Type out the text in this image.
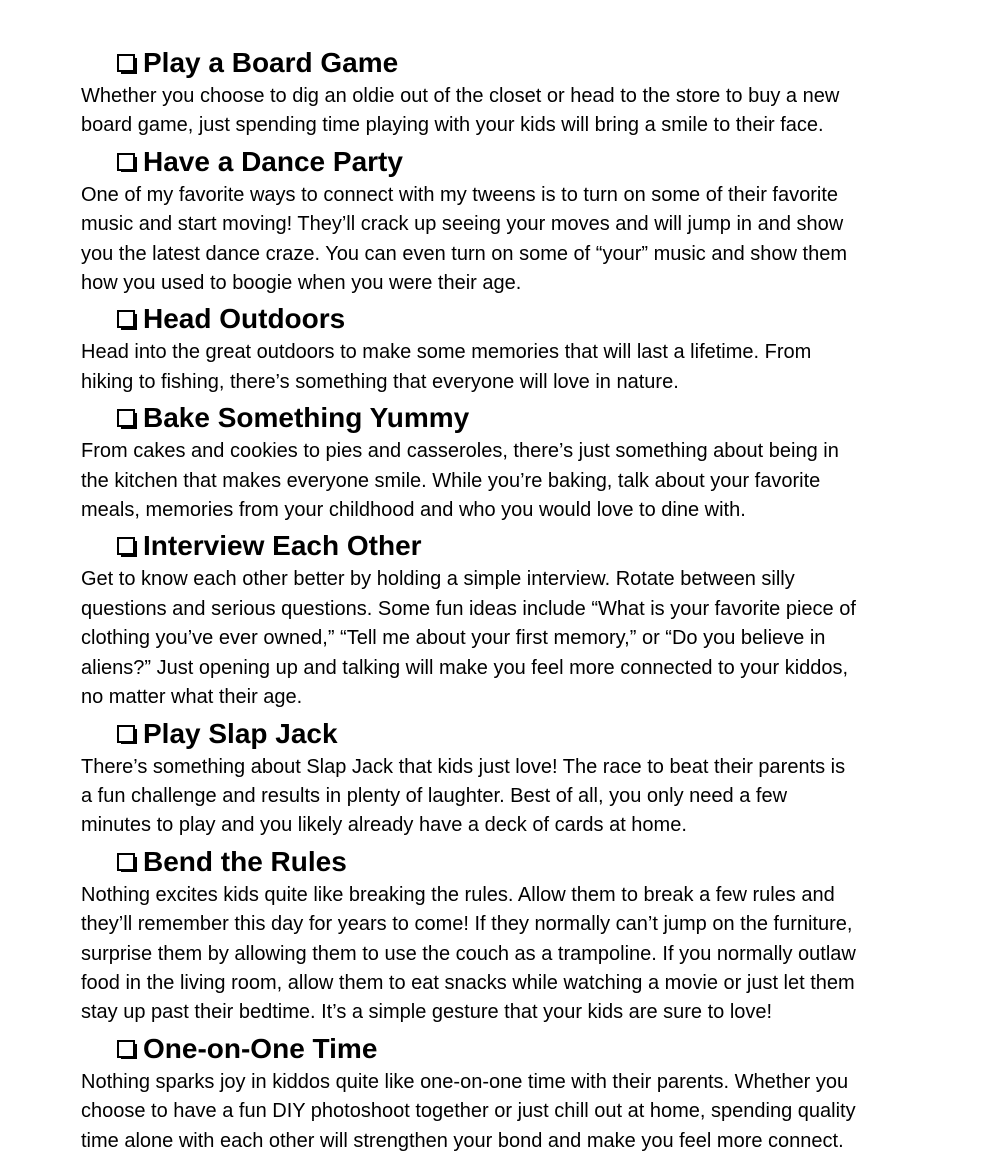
Play a Board Game
Whether you choose to dig an oldie out of the closet or head to the store to buy a new
board game, just spending time playing with your kids will bring a smile to their face.
Have a Dance Party
One of my favorite ways to connect with my tweens is to turn on some of their favorite
music and start moving! They’ll crack up seeing your moves and will jump in and show
you the latest dance craze. You can even turn on some of “your” music and show them
how you used to boogie when you were their age.
Head Outdoors
Head into the great outdoors to make some memories that will last a lifetime. From
hiking to fishing, there’s something that everyone will love in nature.
Bake Something Yummy
From cakes and cookies to pies and casseroles, there’s just something about being in
the kitchen that makes everyone smile. While you’re baking, talk about your favorite
meals, memories from your childhood and who you would love to dine with.
Interview Each Other
Get to know each other better by holding a simple interview. Rotate between silly
questions and serious questions. Some fun ideas include “What is your favorite piece of
clothing you’ve ever owned,” “Tell me about your first memory,” or “Do you believe in
aliens?” Just opening up and talking will make you feel more connected to your kiddos,
no matter what their age.
Play Slap Jack
There’s something about Slap Jack that kids just love! The race to beat their parents is
a fun challenge and results in plenty of laughter. Best of all, you only need a few
minutes to play and you likely already have a deck of cards at home.
Bend the Rules
Nothing excites kids quite like breaking the rules. Allow them to break a few rules and
they’ll remember this day for years to come! If they normally can’t jump on the furniture,
surprise them by allowing them to use the couch as a trampoline. If you normally outlaw
food in the living room, allow them to eat snacks while watching a movie or just let them
stay up past their bedtime. It’s a simple gesture that your kids are sure to love!
One-on-One Time
Nothing sparks joy in kiddos quite like one-on-one time with their parents. Whether you
choose to have a fun DIY photoshoot together or just chill out at home, spending quality
time alone with each other will strengthen your bond and make you feel more connect.
